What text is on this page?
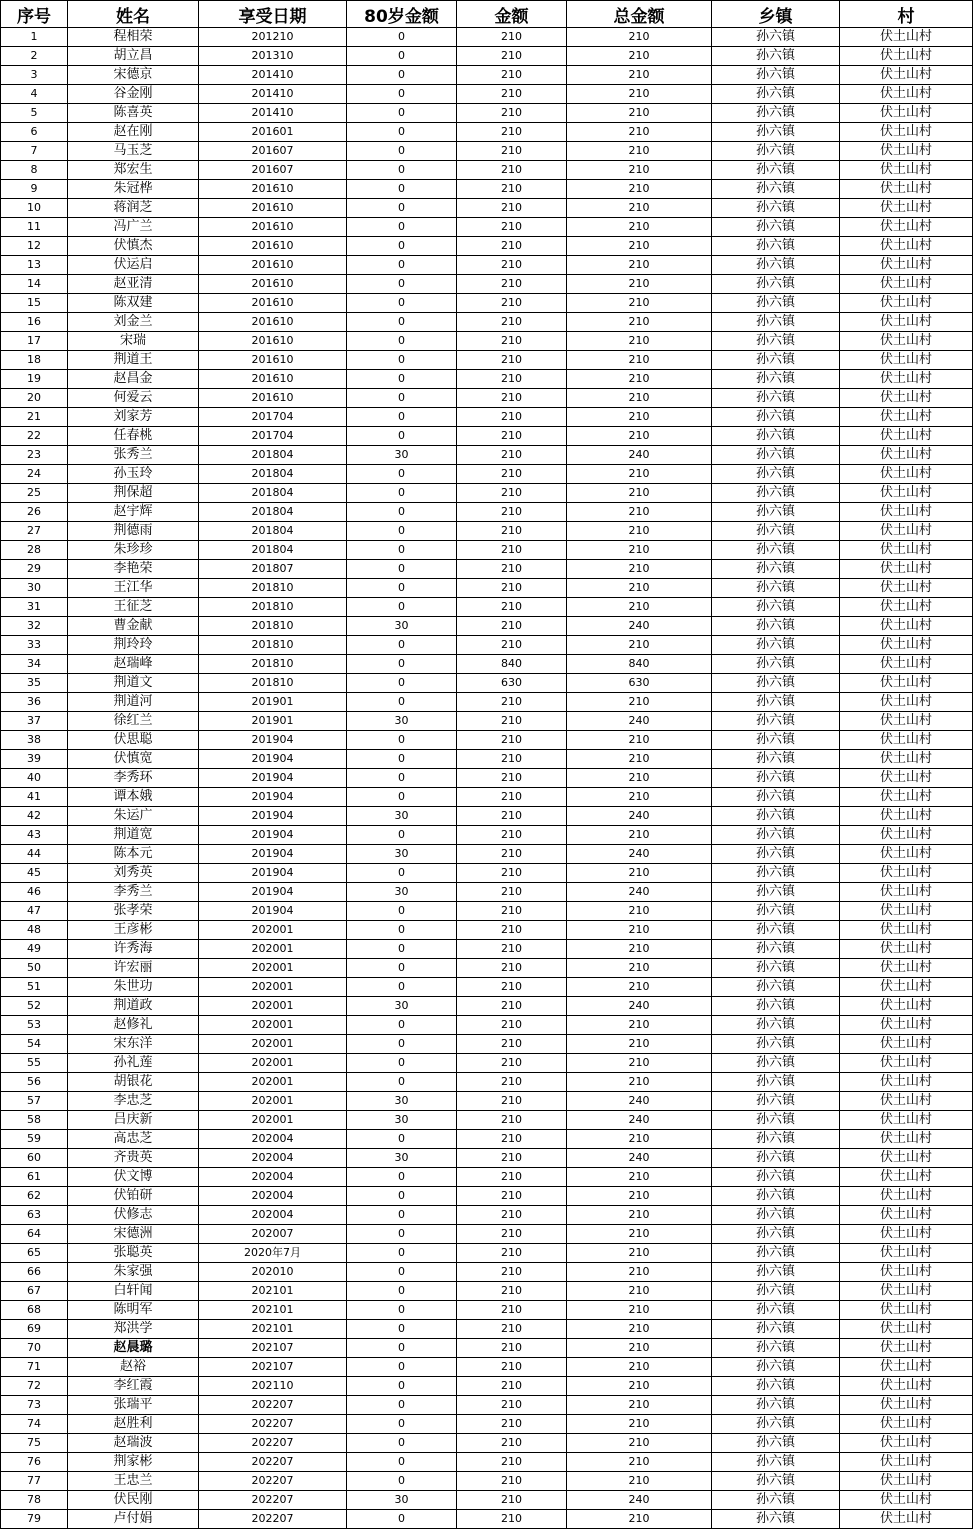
序号	姓名	享受日期	80岁金额	金额	总金额	乡镇	村
1	程相荣	201210	0	210	210	孙六镇	伏土山村
2	胡立昌	201310	0	210	210	孙六镇	伏土山村
3	宋德京	201410	0	210	210	孙六镇	伏土山村
4	谷金刚	201410	0	210	210	孙六镇	伏土山村
5	陈喜英	201410	0	210	210	孙六镇	伏土山村
6	赵在刚	201601	0	210	210	孙六镇	伏土山村
7	马玉芝	201607	0	210	210	孙六镇	伏土山村
8	郑宏生	201607	0	210	210	孙六镇	伏土山村
9	朱冠桦	201610	0	210	210	孙六镇	伏土山村
10	蒋润芝	201610	0	210	210	孙六镇	伏土山村
11	冯广兰	201610	0	210	210	孙六镇	伏土山村
12	伏慎杰	201610	0	210	210	孙六镇	伏土山村
13	伏运启	201610	0	210	210	孙六镇	伏土山村
14	赵亚清	201610	0	210	210	孙六镇	伏土山村
15	陈双建	201610	0	210	210	孙六镇	伏土山村
16	刘金兰	201610	0	210	210	孙六镇	伏土山村
17	宋瑞	201610	0	210	210	孙六镇	伏土山村
18	荆道王	201610	0	210	210	孙六镇	伏土山村
19	赵昌金	201610	0	210	210	孙六镇	伏土山村
20	何爱云	201610	0	210	210	孙六镇	伏土山村
21	刘家芳	201704	0	210	210	孙六镇	伏土山村
22	任春桃	201704	0	210	210	孙六镇	伏土山村
23	张秀兰	201804	30	210	240	孙六镇	伏土山村
24	孙玉玲	201804	0	210	210	孙六镇	伏土山村
25	荆保超	201804	0	210	210	孙六镇	伏土山村
26	赵宇辉	201804	0	210	210	孙六镇	伏土山村
27	荆德雨	201804	0	210	210	孙六镇	伏土山村
28	朱珍珍	201804	0	210	210	孙六镇	伏土山村
29	李艳荣	201807	0	210	210	孙六镇	伏土山村
30	王江华	201810	0	210	210	孙六镇	伏土山村
31	王征芝	201810	0	210	210	孙六镇	伏土山村
32	曹金献	201810	30	210	240	孙六镇	伏土山村
33	荆玲玲	201810	0	210	210	孙六镇	伏土山村
34	赵瑞峰	201810	0	840	840	孙六镇	伏土山村
35	荆道文	201810	0	630	630	孙六镇	伏土山村
36	荆道河	201901	0	210	210	孙六镇	伏土山村
37	徐红兰	201901	30	210	240	孙六镇	伏土山村
38	伏思聪	201904	0	210	210	孙六镇	伏土山村
39	伏慎宽	201904	0	210	210	孙六镇	伏土山村
40	李秀环	201904	0	210	210	孙六镇	伏土山村
41	谭本娥	201904	0	210	210	孙六镇	伏土山村
42	朱运广	201904	30	210	240	孙六镇	伏土山村
43	荆道宽	201904	0	210	210	孙六镇	伏土山村
44	陈本元	201904	30	210	240	孙六镇	伏土山村
45	刘秀英	201904	0	210	210	孙六镇	伏土山村
46	李秀兰	201904	30	210	240	孙六镇	伏土山村
47	张孝荣	201904	0	210	210	孙六镇	伏土山村
48	王彦彬	202001	0	210	210	孙六镇	伏土山村
49	许秀海	202001	0	210	210	孙六镇	伏土山村
50	许宏丽	202001	0	210	210	孙六镇	伏土山村
51	朱世功	202001	0	210	210	孙六镇	伏土山村
52	荆道政	202001	30	210	240	孙六镇	伏土山村
53	赵修礼	202001	0	210	210	孙六镇	伏土山村
54	宋东洋	202001	0	210	210	孙六镇	伏土山村
55	孙礼莲	202001	0	210	210	孙六镇	伏土山村
56	胡银花	202001	0	210	210	孙六镇	伏土山村
57	李忠芝	202001	30	210	240	孙六镇	伏土山村
58	吕庆新	202001	30	210	240	孙六镇	伏土山村
59	高忠芝	202004	0	210	210	孙六镇	伏土山村
60	齐贵英	202004	30	210	240	孙六镇	伏土山村
61	伏文博	202004	0	210	210	孙六镇	伏土山村
62	伏铂研	202004	0	210	210	孙六镇	伏土山村
63	伏修志	202004	0	210	210	孙六镇	伏土山村
64	宋德洲	202007	0	210	210	孙六镇	伏土山村
65	张聪英	2020年7月	0	210	210	孙六镇	伏土山村
66	朱家强	202010	0	210	210	孙六镇	伏土山村
67	白轩闻	202101	0	210	210	孙六镇	伏土山村
68	陈明军	202101	0	210	210	孙六镇	伏土山村
69	郑洪学	202101	0	210	210	孙六镇	伏土山村
70	赵晨璐	202107	0	210	210	孙六镇	伏土山村
71	赵裕	202107	0	210	210	孙六镇	伏土山村
72	李红霞	202110	0	210	210	孙六镇	伏土山村
73	张瑞平	202207	0	210	210	孙六镇	伏土山村
74	赵胜利	202207	0	210	210	孙六镇	伏土山村
75	赵瑞波	202207	0	210	210	孙六镇	伏土山村
76	荆家彬	202207	0	210	210	孙六镇	伏土山村
77	王忠兰	202207	0	210	210	孙六镇	伏土山村
78	伏民刚	202207	30	210	240	孙六镇	伏土山村
79	卢付娟	202207	0	210	210	孙六镇	伏土山村
